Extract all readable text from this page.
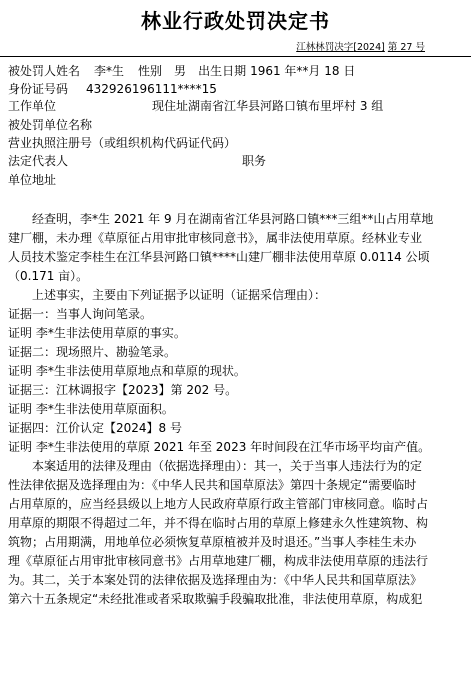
林业行政处罚决定书
江林林罚决字[2024] 第 27 号
被处罚人姓名 李*生 性别 男 出生日期 1961 年**月 18 日
身份证号码 432926196111****15
工作单位	现住址湖南省江华县河路口镇布里坪村 3 组
被处罚单位名称
营业执照注册号（或组织机构代码证代码）
法定代表人	职务
单位地址
经查明，李*生 2021 年 9 月在湖南省江华县河路口镇***三组**山占用草地
建厂棚，未办理《草原征占用审批审核同意书》，属非法使用草原。经林业专业
人员技术鉴定李桂生在江华县河路口镇****山建厂棚非法使用草原 0.0114 公顷
（0.171 亩）。
上述事实，主要由下列证据予以证明（证据采信理由）：
证据一：当事人询问笔录。
证明 李*生非法使用草原的事实。
证据二：现场照片、勘验笔录。
证明 李*生非法使用草原地点和草原的现状。
证据三：江林调报字【2023】第 202 号。
证明 李*生非法使用草原面积。
证据四：江价认定【2024】8 号
证明 李*生非法使用的草原 2021 年至 2023 年时间段在江华市场平均亩产值。
本案适用的法律及理由（依据选择理由）：其一，关于当事人违法行为的定
性法律依据及选择理由为：《中华人民共和国草原法》第四十条规定“需要临时
占用草原的，应当经县级以上地方人民政府草原行政主管部门审核同意。临时占
用草原的期限不得超过二年，并不得在临时占用的草原上修建永久性建筑物、构
筑物；占用期满，用地单位必须恢复草原植被并及时退还。”当事人李桂生未办
理《草原征占用审批审核同意书》占用草地建厂棚，构成非法使用草原的违法行
为。其二，关于本案处罚的法律依据及选择理由为：《中华人民共和国草原法》
第六十五条规定“未经批准或者采取欺骗手段骗取批准，非法使用草原，构成犯
